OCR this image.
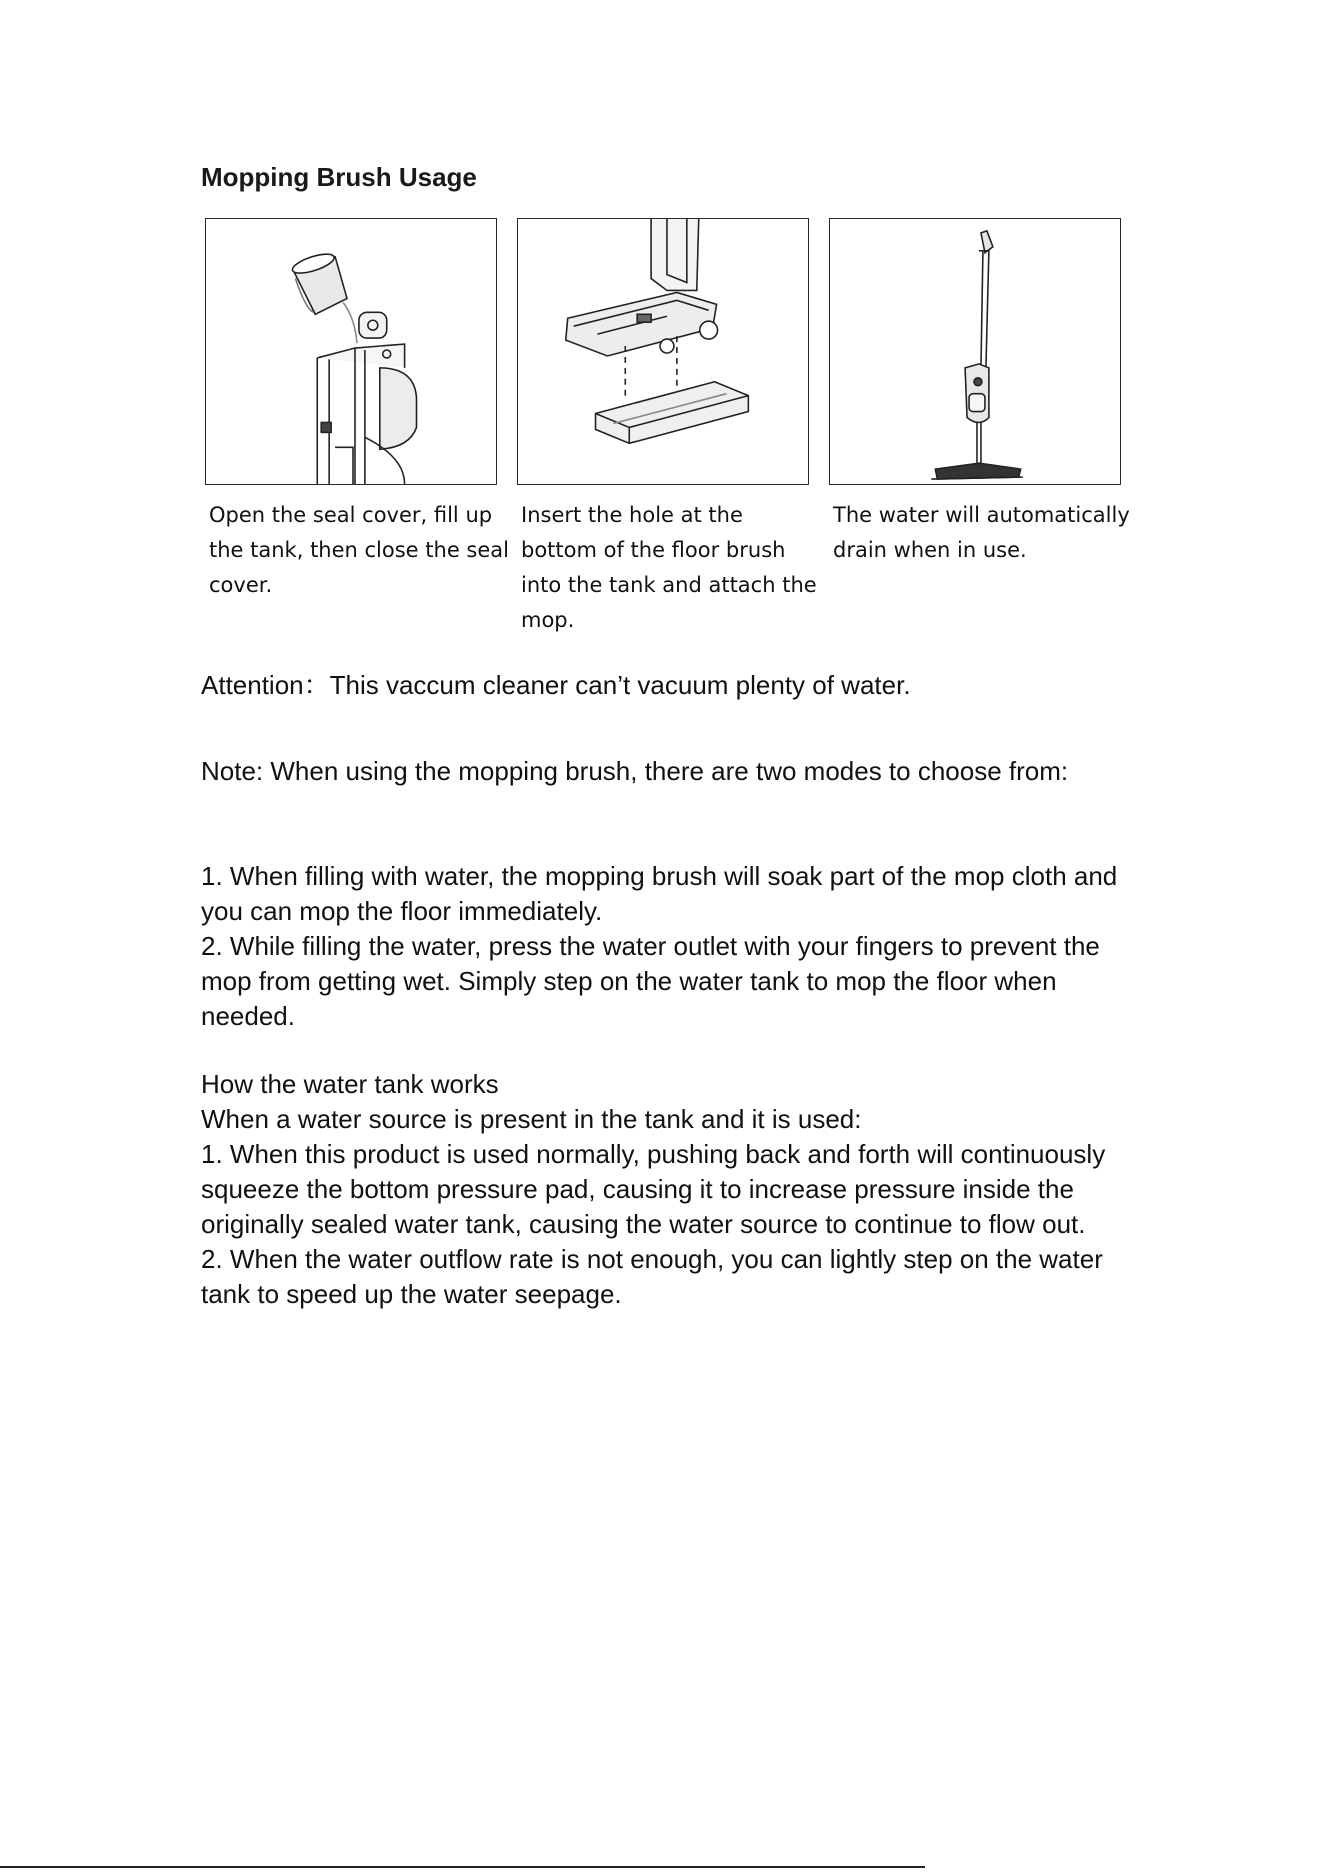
Mopping Brush Usage

Open the seal cover, fill up the tank, then close the seal cover.

Insert the hole at the bottom of the floor brush into the tank and attach the mop.

The water will automatically drain when in use.

Attention：This vaccum cleaner can’t vacuum plenty of water.

Note: When using the mopping brush, there are two modes to choose from:

1. When filling with water, the mopping brush will soak part of the mop cloth and you can mop the floor immediately.

2. While filling the water, press the water outlet with your fingers to prevent the mop from getting wet. Simply step on the water tank to mop the floor when needed.

How the water tank works

When a water source is present in the tank and it is used:

1. When this product is used normally, pushing back and forth will continuously squeeze the bottom pressure pad, causing it to increase pressure inside the originally sealed water tank, causing the water source to continue to flow out.

2. When the water outflow rate is not enough, you can lightly step on the water tank to speed up the water seepage.
